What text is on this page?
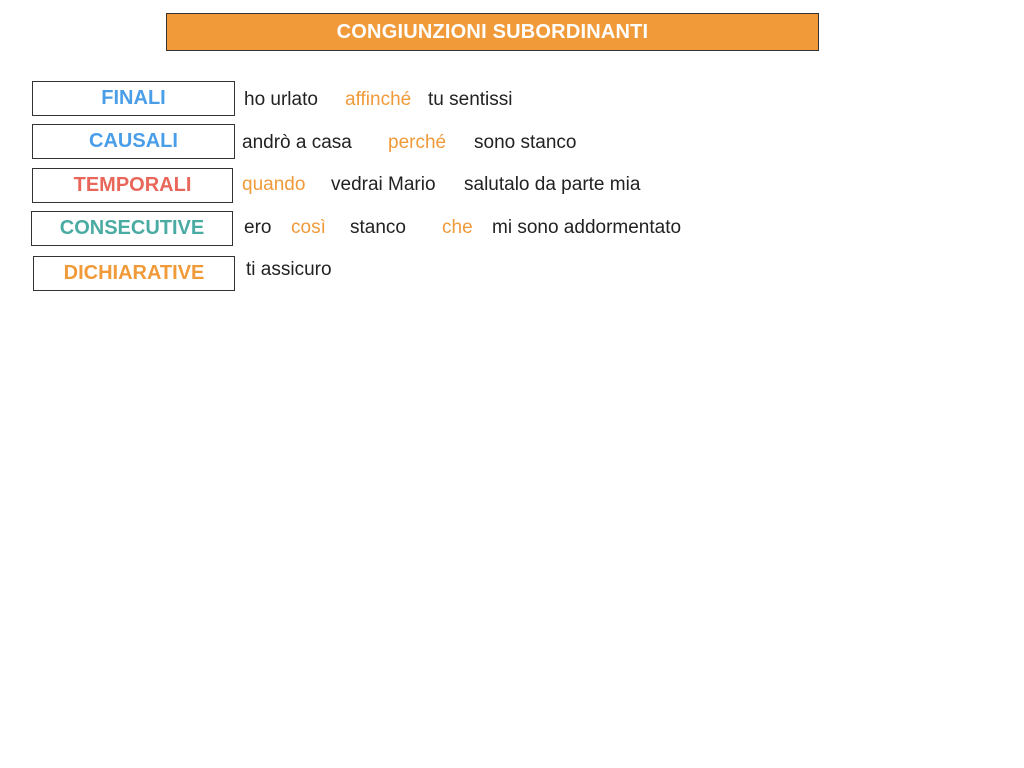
CONGIUNZIONI SUBORDINANTI
FINALI	ho urlato affinché tu sentissi
CAUSALI	andrò a casa perché sono stanco
TEMPORALI	quando vedrai Mario salutalo da parte mia
CONSECUTIVE ero così stanco che mi sono addormentato
DICHIARATIVE ti assicuro
